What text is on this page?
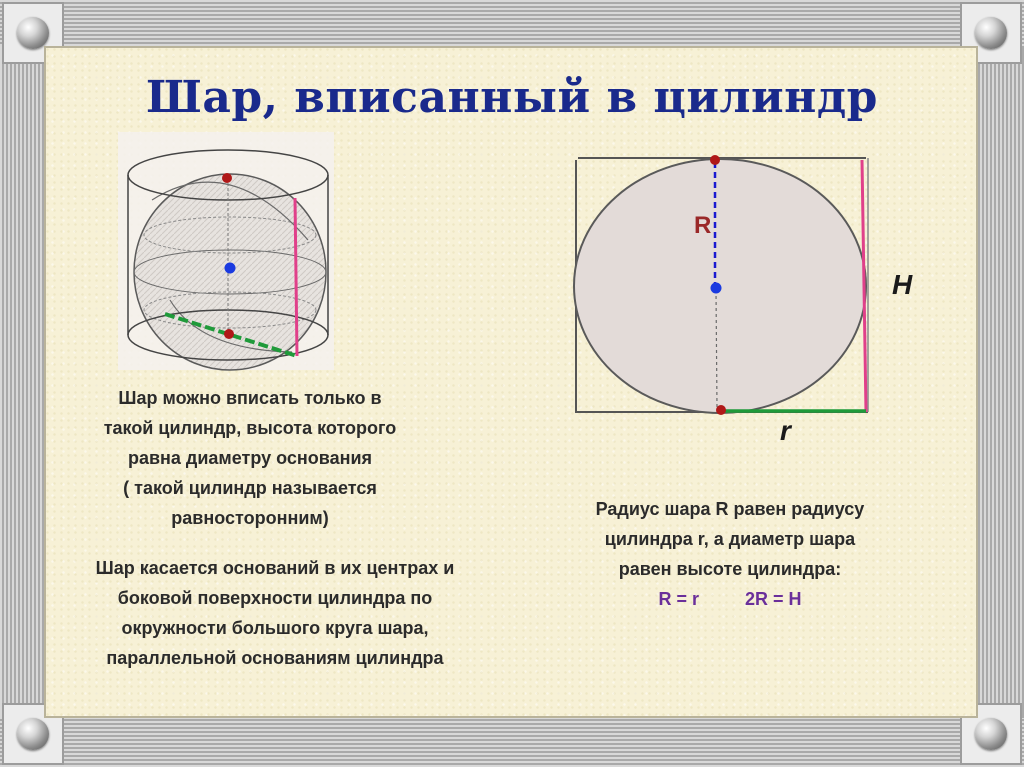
Шар, вписанный в цилиндр
R
H
r
Шар можно вписать только в
такой цилиндр, высота которого
равна диаметру основания
( такой цилиндр называется
равносторонним)
Шар касается оснований в их центрах и
боковой поверхности цилиндра по
окружности большого круга шара,
параллельной основаниям цилиндра
Радиус шара R равен радиусу
цилиндра r, а диаметр шара
равен высоте цилиндра:
R = r	2R = H
